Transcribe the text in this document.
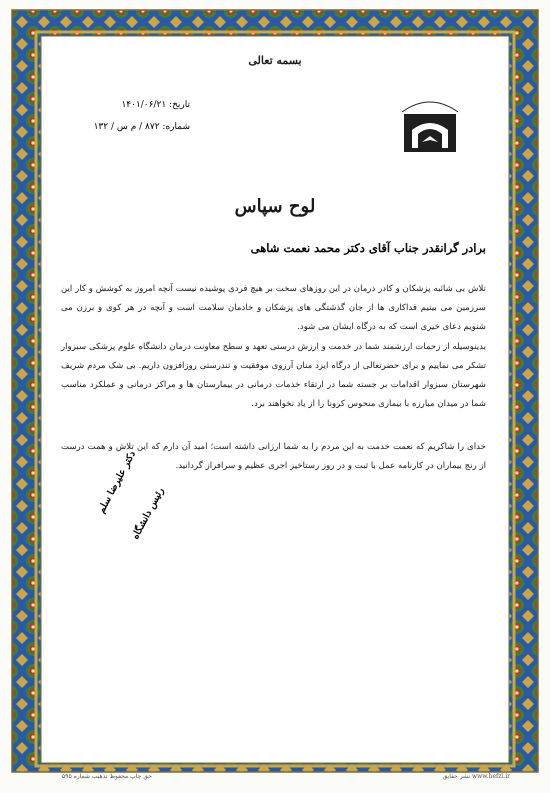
بسمه تعالی
تاریخ: ۱۴۰۱/۰۶/۲۱
شماره: ۸۷۲ / م س / ۱۳۲
لوح سپاس
برادر گرانقدر جناب آقای دکتر محمد نعمت شاهی
تلاش بی شائبه پزشکان و کادر درمان در این روزهای سخت بر هیچ فردی پوشیده نیست آنچه امروز به کوشش و کار این سرزمین می بینیم فداکاری ها از جان گذشتگی های پزشکان و خادمان سلامت است و آنچه در هر کوی و برزن می شنویم دعای خیری است که به درگاه ایشان می شود.
بدینوسیله از زحمات ارزشمند شما در خدمت و ارزش درستی تعهد و سطح معاونت درمان دانشگاه علوم پزشکی سبزوار تشکر می نماییم و برای حضرتعالی از درگاه ایزد منان آرزوی موفقیت و تندرستی روزافزون داریم. بی شک مردم شریف شهرستان سبزوار اقدامات بر جسته شما در ارتقاء خدمات درمانی در بیمارستان ها و مراکز درمانی و عملکرد مناسب شما در میدان مبارزه با بیماری منحوس کرونا را از یاد نخواهند برد.
خدای را شاکریم که نعمت خدمت به این مردم را به شما ارزانی داشته است؛ امید آن دارم که این تلاش و همت درست از رنج بیماران در کارنامه عمل با ثبت و در روز رستاخیز اجری عظیم و سرافراز گردانید.
دکتر علیرضا سلم
رئیس دانشگاه
حق چاپ محفوظ تذهیب شماره ۵۹۵	نشر حقایق www.hefzi.ir
